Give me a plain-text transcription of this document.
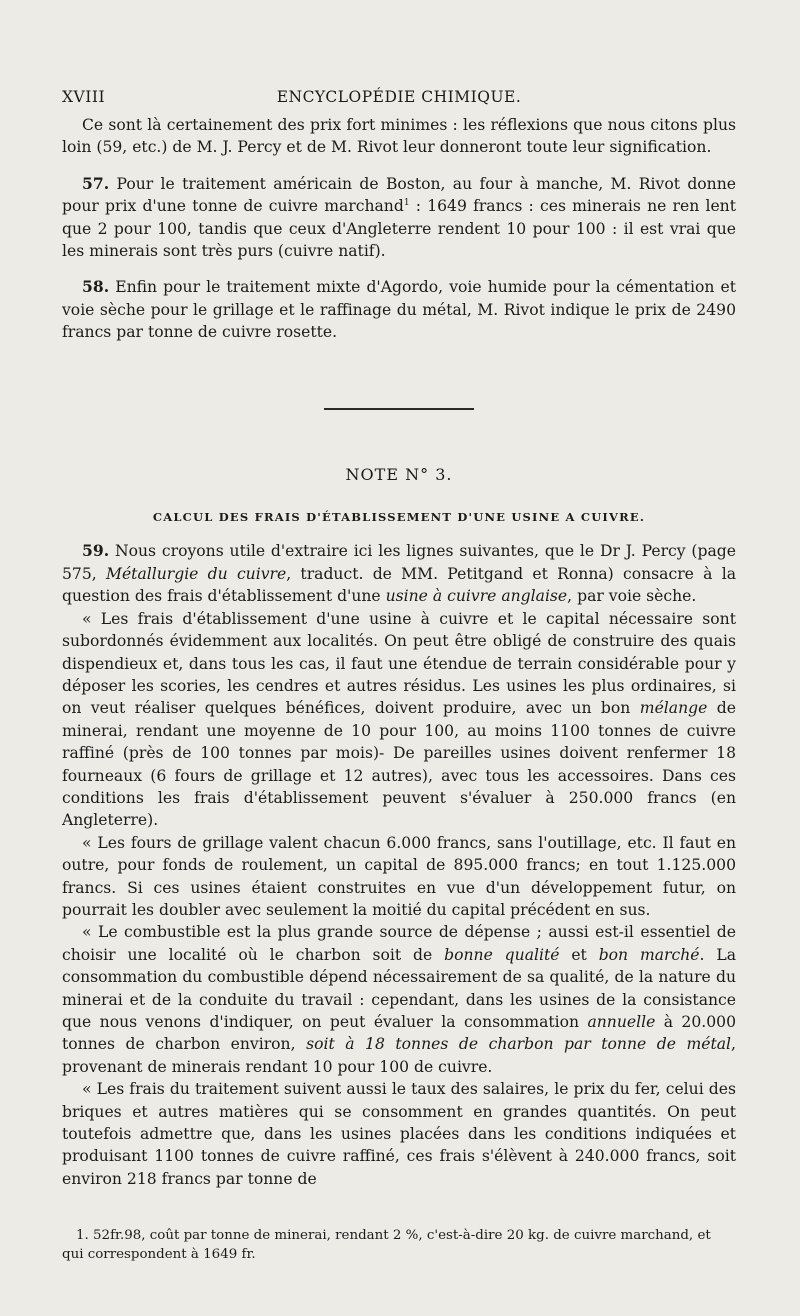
XVIII	ENCYCLOPÉDIE CHIMIQUE.

Ce sont là certainement des prix fort minimes : les réflexions que nous citons plus loin (59, etc.) de M. J. Percy et de M. Rivot leur donneront toute leur signification.

57. Pour le traitement américain de Boston, au four à manche, M. Rivot donne pour prix d'une tonne de cuivre marchand$^1$ : 1649 francs : ces minerais ne ren lent que 2 pour 100, tandis que ceux d'Angleterre rendent 10 pour 100 : il est vrai que les minerais sont très purs (cuivre natif).

58. Enfin pour le traitement mixte d'Agordo, voie humide pour la cémentation et voie sèche pour le grillage et le raffinage du métal, M. Rivot indique le prix de 2490 francs par tonne de cuivre rosette.

NOTE N° 3.
CALCUL DES FRAIS D'ÉTABLISSEMENT D'UNE USINE A CUIVRE.

59. Nous croyons utile d'extraire ici les lignes suivantes, que le Dr J. Percy (page 575, Métallurgie du cuivre, traduct. de MM. Petitgand et Ronna) consacre à la question des frais d'établissement d'une usine à cuivre anglaise, par voie sèche.

« Les frais d'établissement d'une usine à cuivre et le capital nécessaire sont subordonnés évidemment aux localités. On peut être obligé de construire des quais dispendieux et, dans tous les cas, il faut une étendue de terrain considérable pour y déposer les scories, les cendres et autres résidus. Les usines les plus ordinaires, si on veut réaliser quelques bénéfices, doivent produire, avec un bon mélange de minerai, rendant une moyenne de 10 pour 100, au moins 1100 tonnes de cuivre raffiné (près de 100 tonnes par mois)- De pareilles usines doivent renfermer 18 fourneaux (6 fours de grillage et 12 autres), avec tous les accessoires. Dans ces conditions les frais d'établissement peuvent s'évaluer à 250.000 francs (en Angleterre).

« Les fours de grillage valent chacun 6.000 francs, sans l'outillage, etc. Il faut en outre, pour fonds de roulement, un capital de 895.000 francs; en tout 1.125.000 francs. Si ces usines étaient construites en vue d'un développement futur, on pourrait les doubler avec seulement la moitié du capital précédent en sus.

« Le combustible est la plus grande source de dépense ; aussi est-il essentiel de choisir une localité où le charbon soit de bonne qualité et bon marché. La consommation du combustible dépend nécessairement de sa qualité, de la nature du minerai et de la conduite du travail : cependant, dans les usines de la consistance que nous venons d'indiquer, on peut évaluer la consommation annuelle à 20.000 tonnes de charbon environ, soit à 18 tonnes de charbon par tonne de métal, provenant de minerais rendant 10 pour 100 de cuivre.

« Les frais du traitement suivent aussi le taux des salaires, le prix du fer, celui des briques et autres matières qui se consomment en grandes quantités. On peut toutefois admettre que, dans les usines placées dans les conditions indiquées et produisant 1100 tonnes de cuivre raffiné, ces frais s'élèvent à 240.000 francs, soit environ 218 francs par tonne de

1. 52fr.98, coût par tonne de minerai, rendant 2 %, c'est-à-dire 20 kg. de cuivre marchand, et qui correspondent à 1649 fr.
